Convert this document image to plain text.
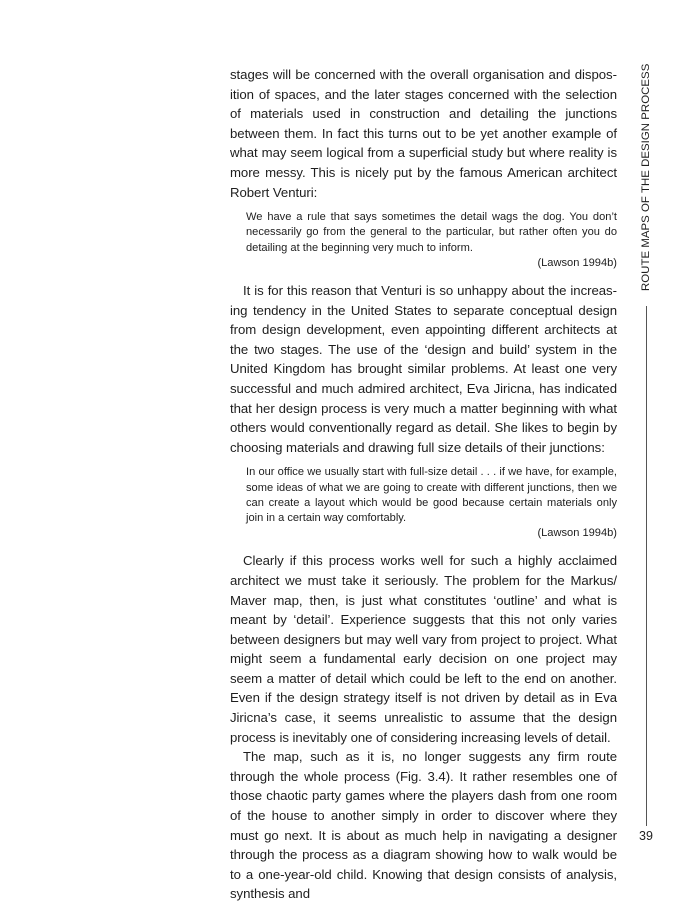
stages will be concerned with the overall organisation and disposition of spaces, and the later stages concerned with the selection of materials used in construction and detailing the junctions between them. In fact this turns out to be yet another example of what may seem logical from a superficial study but where reality is more messy. This is nicely put by the famous American architect Robert Venturi:

We have a rule that says sometimes the detail wags the dog. You don’t necessarily go from the general to the particular, but rather often you do detailing at the beginning very much to inform.

(Lawson 1994b)

It is for this reason that Venturi is so unhappy about the increasing tendency in the United States to separate conceptual design from design development, even appointing different architects at the two stages. The use of the ‘design and build’ system in the United Kingdom has brought similar problems. At least one very successful and much admired architect, Eva Jiricna, has indicated that her design process is very much a matter beginning with what others would conventionally regard as detail. She likes to begin by choosing materials and drawing full size details of their junctions:

In our office we usually start with full-size detail . . . if we have, for example, some ideas of what we are going to create with different junctions, then we can create a layout which would be good because certain materials only join in a certain way comfortably.

(Lawson 1994b)

Clearly if this process works well for such a highly acclaimed architect we must take it seriously. The problem for the Markus/ Maver map, then, is just what constitutes ‘outline’ and what is meant by ‘detail’. Experience suggests that this not only varies between designers but may well vary from project to project. What might seem a fundamental early decision on one project may seem a matter of detail which could be left to the end on another. Even if the design strategy itself is not driven by detail as in Eva Jiricna’s case, it seems unrealistic to assume that the design process is inevitably one of considering increasing levels of detail.

The map, such as it is, no longer suggests any firm route through the whole process (Fig. 3.4). It rather resembles one of those chaotic party games where the players dash from one room of the house to another simply in order to discover where they must go next. It is about as much help in navigating a designer through the process as a diagram showing how to walk would be to a one-year-old child. Knowing that design consists of analysis, synthesis and

ROUTE MAPS OF THE DESIGN PROCESS
39
